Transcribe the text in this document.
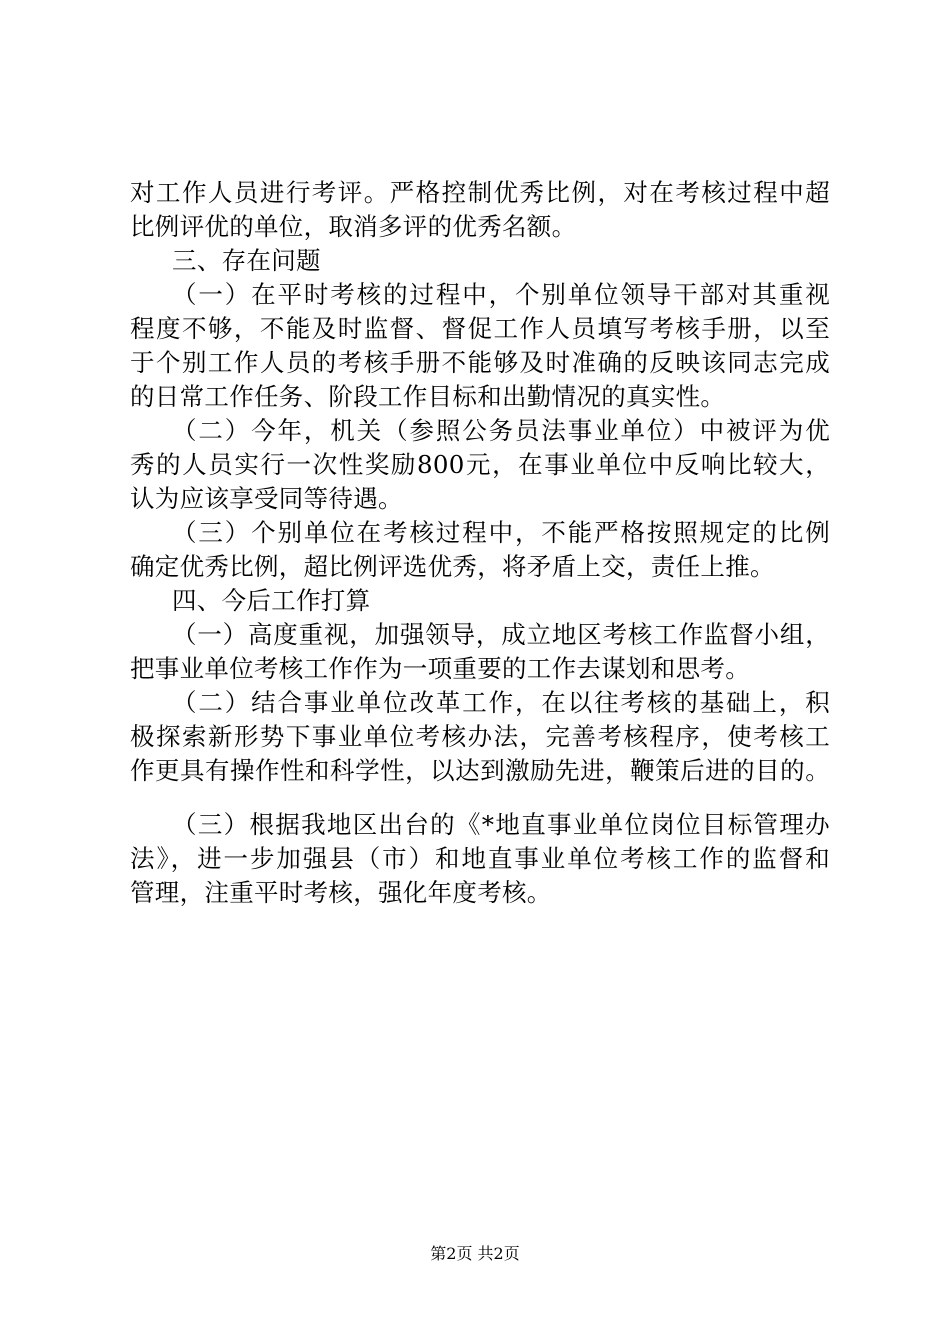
对工作人员进行考评。严格控制优秀比例，对在考核过程中超
比例评优的单位，取消多评的优秀名额。
三、存在问题
（一）在平时考核的过程中，个别单位领导干部对其重视
程度不够，不能及时监督、督促工作人员填写考核手册，以至
于个别工作人员的考核手册不能够及时准确的反映该同志完成
的日常工作任务、阶段工作目标和出勤情况的真实性。
（二）今年，机关（参照公务员法事业单位）中被评为优
秀的人员实行一次性奖励800元，在事业单位中反响比较大，
认为应该享受同等待遇。
（三）个别单位在考核过程中，不能严格按照规定的比例
确定优秀比例，超比例评选优秀，将矛盾上交，责任上推。
四、今后工作打算
（一）高度重视，加强领导，成立地区考核工作监督小组，
把事业单位考核工作作为一项重要的工作去谋划和思考。
（二）结合事业单位改革工作，在以往考核的基础上，积
极探索新形势下事业单位考核办法，完善考核程序，使考核工
作更具有操作性和科学性，以达到激励先进，鞭策后进的目的。
（三）根据我地区出台的《*地直事业单位岗位目标管理办
法》，进一步加强县（市）和地直事业单位考核工作的监督和
管理，注重平时考核，强化年度考核。
第2页 共2页
